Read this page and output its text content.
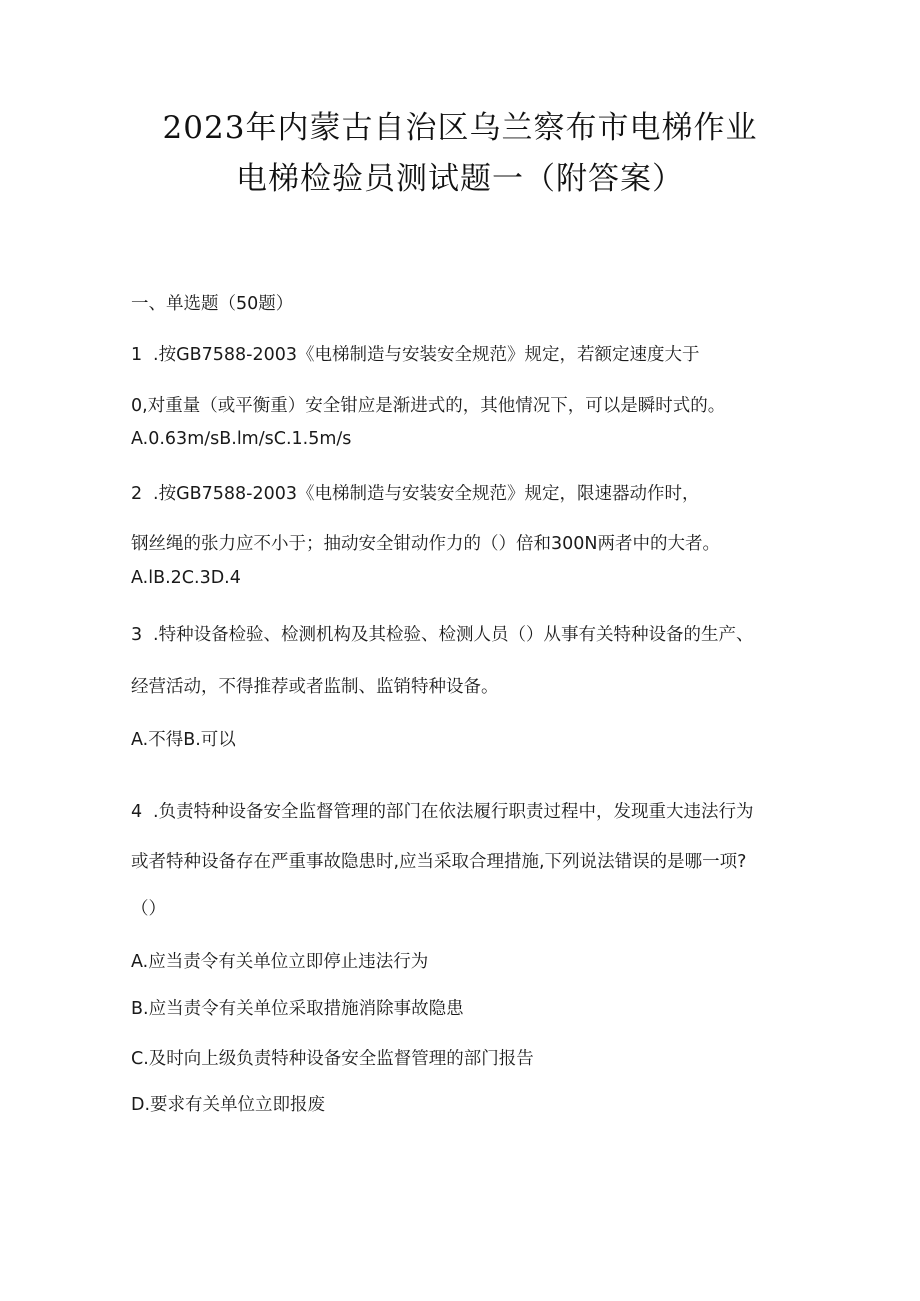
2023年内蒙古自治区乌兰察布市电梯作业
电梯检验员测试题一（附答案）
一、单选题（50题）
1 .按GB7588-2003《电梯制造与安装安全规范》规定，若额定速度大于
0,对重量（或平衡重）安全钳应是渐进式的，其他情况下，可以是瞬时式的。
A.0.63m∕sB.lm/sC.1.5m∕s
2 .按GB7588-2003《电梯制造与安装安全规范》规定，限速器动作时，
钢丝绳的张力应不小于；抽动安全钳动作力的（）倍和300N两者中的大者。
A.lB.2C.3D.4
3 .特种设备检验、检测机构及其检验、检测人员（）从事有关特种设备的生产、
经营活动，不得推荐或者监制、监销特种设备。
A.不得B.可以
4 .负责特种设备安全监督管理的部门在依法履行职责过程中，发现重大违法行为
或者特种设备存在严重事故隐患时,应当采取合理措施,下列说法错误的是哪一项?
（）
A.应当责令有关单位立即停止违法行为
B.应当责令有关单位采取措施消除事故隐患
C.及时向上级负责特种设备安全监督管理的部门报告
D.要求有关单位立即报废
